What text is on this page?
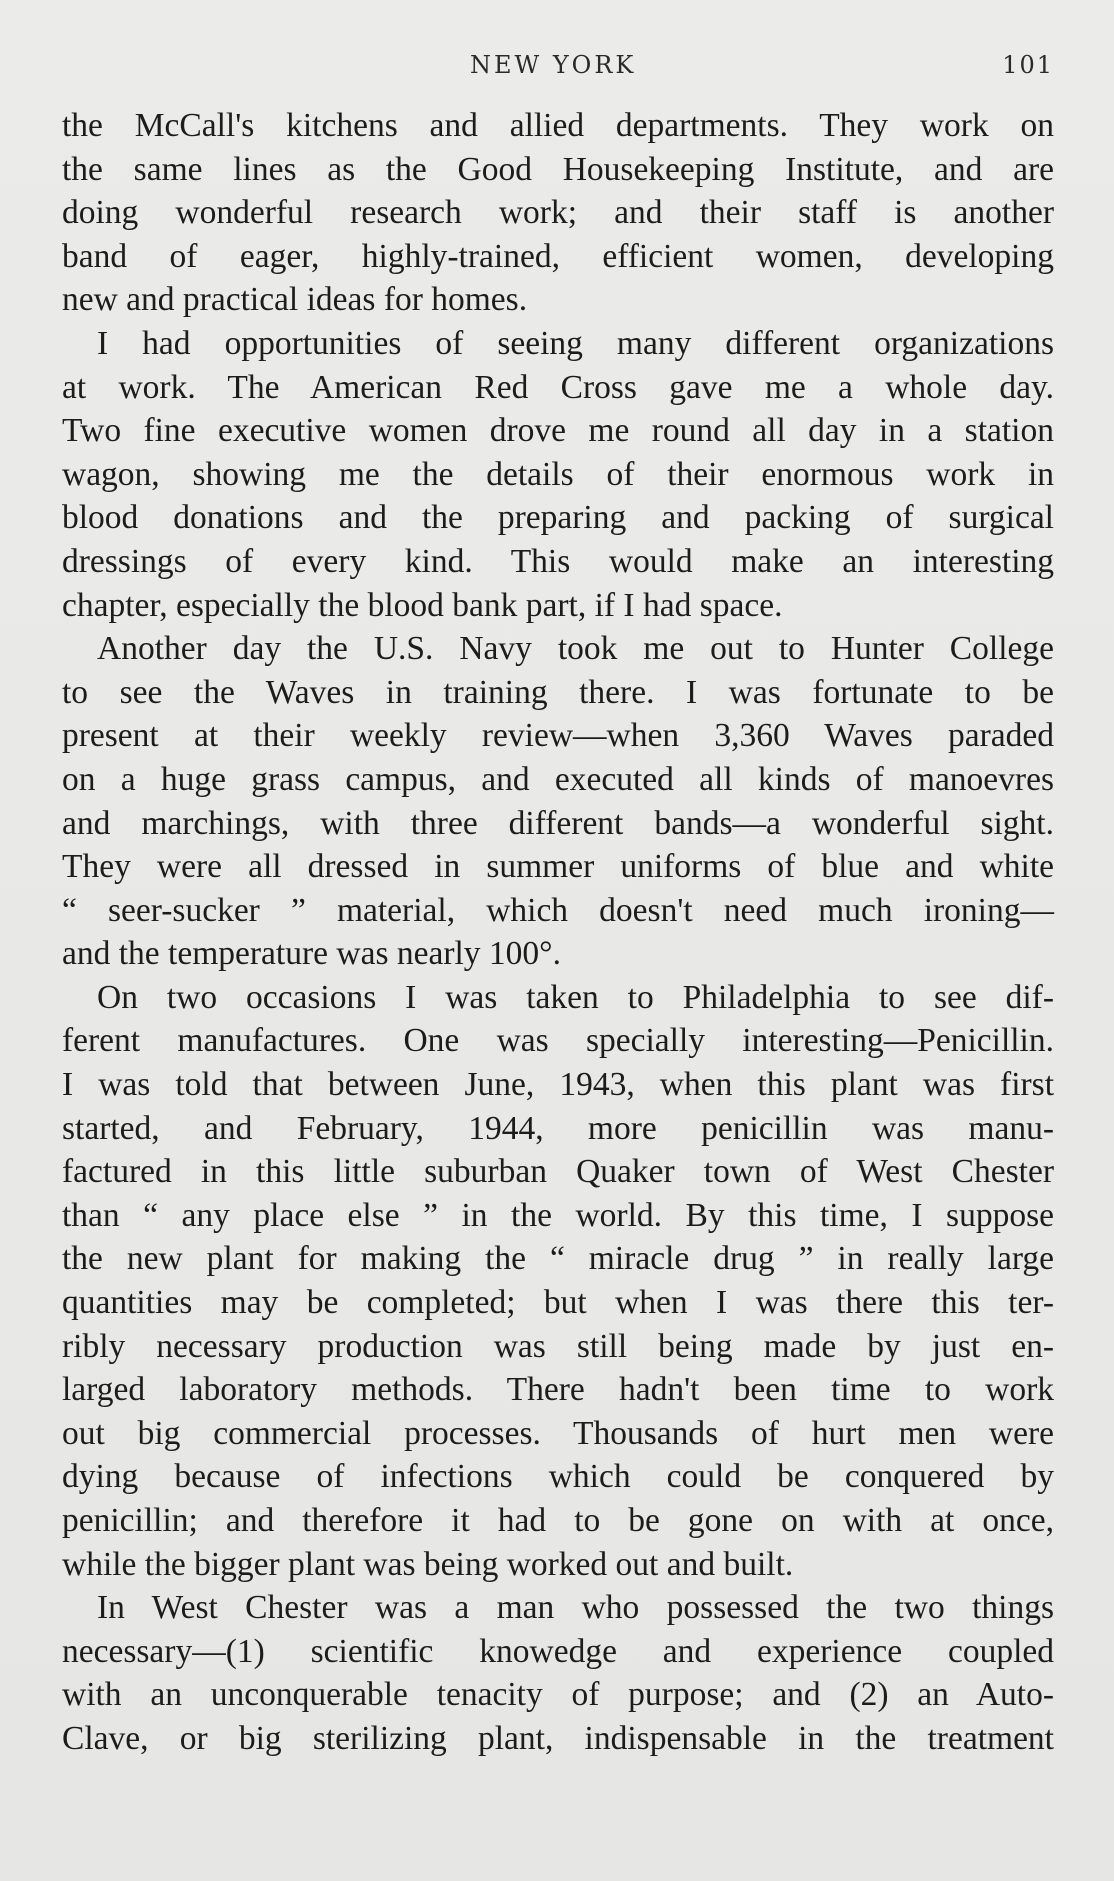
NEW YORK	101

the McCall's kitchens and allied departments. They work on

the same lines as the Good Housekeeping Institute, and are

doing wonderful research work; and their staff is another

band of eager, highly-trained, efficient women, developing

new and practical ideas for homes.

I had opportunities of seeing many different organizations

at work. The American Red Cross gave me a whole day.

Two fine executive women drove me round all day in a station

wagon, showing me the details of their enormous work in

blood donations and the preparing and packing of surgical

dressings of every kind. This would make an interesting

chapter, especially the blood bank part, if I had space.

Another day the U.S. Navy took me out to Hunter College

to see the Waves in training there. I was fortunate to be

present at their weekly review—when 3,360 Waves paraded

on a huge grass campus, and executed all kinds of manoevres

and marchings, with three different bands—a wonderful sight.

They were all dressed in summer uniforms of blue and white

“ seer-sucker ” material, which doesn't need much ironing—

and the temperature was nearly 100°.

On two occasions I was taken to Philadelphia to see dif-

ferent manufactures. One was specially interesting—Penicillin.

I was told that between June, 1943, when this plant was first

started, and February, 1944, more penicillin was manu-

factured in this little suburban Quaker town of West Chester

than “ any place else ” in the world. By this time, I suppose

the new plant for making the “ miracle drug ” in really large

quantities may be completed; but when I was there this ter-

ribly necessary production was still being made by just en-

larged laboratory methods. There hadn't been time to work

out big commercial processes. Thousands of hurt men were

dying because of infections which could be conquered by

penicillin; and therefore it had to be gone on with at once,

while the bigger plant was being worked out and built.

In West Chester was a man who possessed the two things

necessary—(1) scientific knowedge and experience coupled

with an unconquerable tenacity of purpose; and (2) an Auto-

Clave, or big sterilizing plant, indispensable in the treatment
